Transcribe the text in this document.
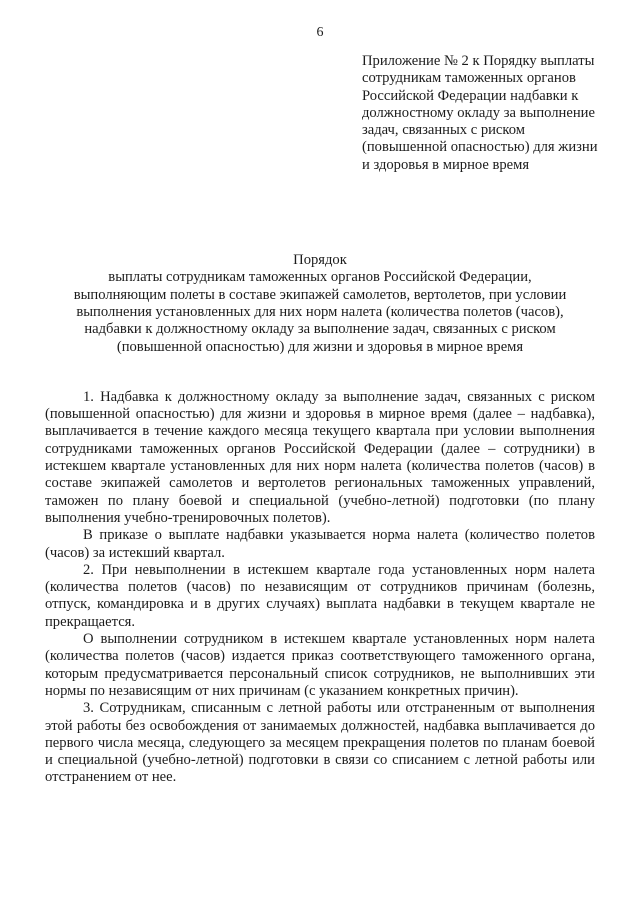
6
Приложение № 2 к Порядку выплаты
сотрудникам таможенных органов
Российской Федерации надбавки к
должностному окладу за выполнение
задач, связанных с риском
(повышенной опасностью) для жизни
и здоровья в мирное время
Порядок
выплаты сотрудникам таможенных органов Российской Федерации,
выполняющим полеты в составе экипажей самолетов, вертолетов, при условии
выполнения установленных для них норм налета (количества полетов (часов),
надбавки к должностному окладу за выполнение задач, связанных с риском
(повышенной опасностью) для жизни и здоровья в мирное время

1. Надбавка к должностному окладу за выполнение задач, связанных с риском (повышенной опасностью) для жизни и здоровья в мирное время (далее – надбавка), выплачивается в течение каждого месяца текущего квартала при условии выполнения сотрудниками таможенных органов Российской Федерации (далее – сотрудники) в истекшем квартале установленных для них норм налета (количества полетов (часов) в составе экипажей самолетов и вертолетов региональных таможенных управлений, таможен по плану боевой и специальной (учебно-летной) подготовки (по плану выполнения учебно-тренировочных полетов).

В приказе о выплате надбавки указывается норма налета (количество полетов (часов) за истекший квартал.

2. При невыполнении в истекшем квартале года установленных норм налета (количества полетов (часов) по независящим от сотрудников причинам (болезнь, отпуск, командировка и в других случаях) выплата надбавки в текущем квартале не прекращается.

О выполнении сотрудником в истекшем квартале установленных норм налета (количества полетов (часов) издается приказ соответствующего таможенного органа, которым предусматривается персональный список сотрудников, не выполнивших эти нормы по независящим от них причинам (с указанием конкретных причин).

3. Сотрудникам, списанным с летной работы или отстраненным от выполнения этой работы без освобождения от занимаемых должностей, надбавка выплачивается до первого числа месяца, следующего за месяцем прекращения полетов по планам боевой и специальной (учебно-летной) подготовки в связи со списанием с летной работы или отстранением от нее.
